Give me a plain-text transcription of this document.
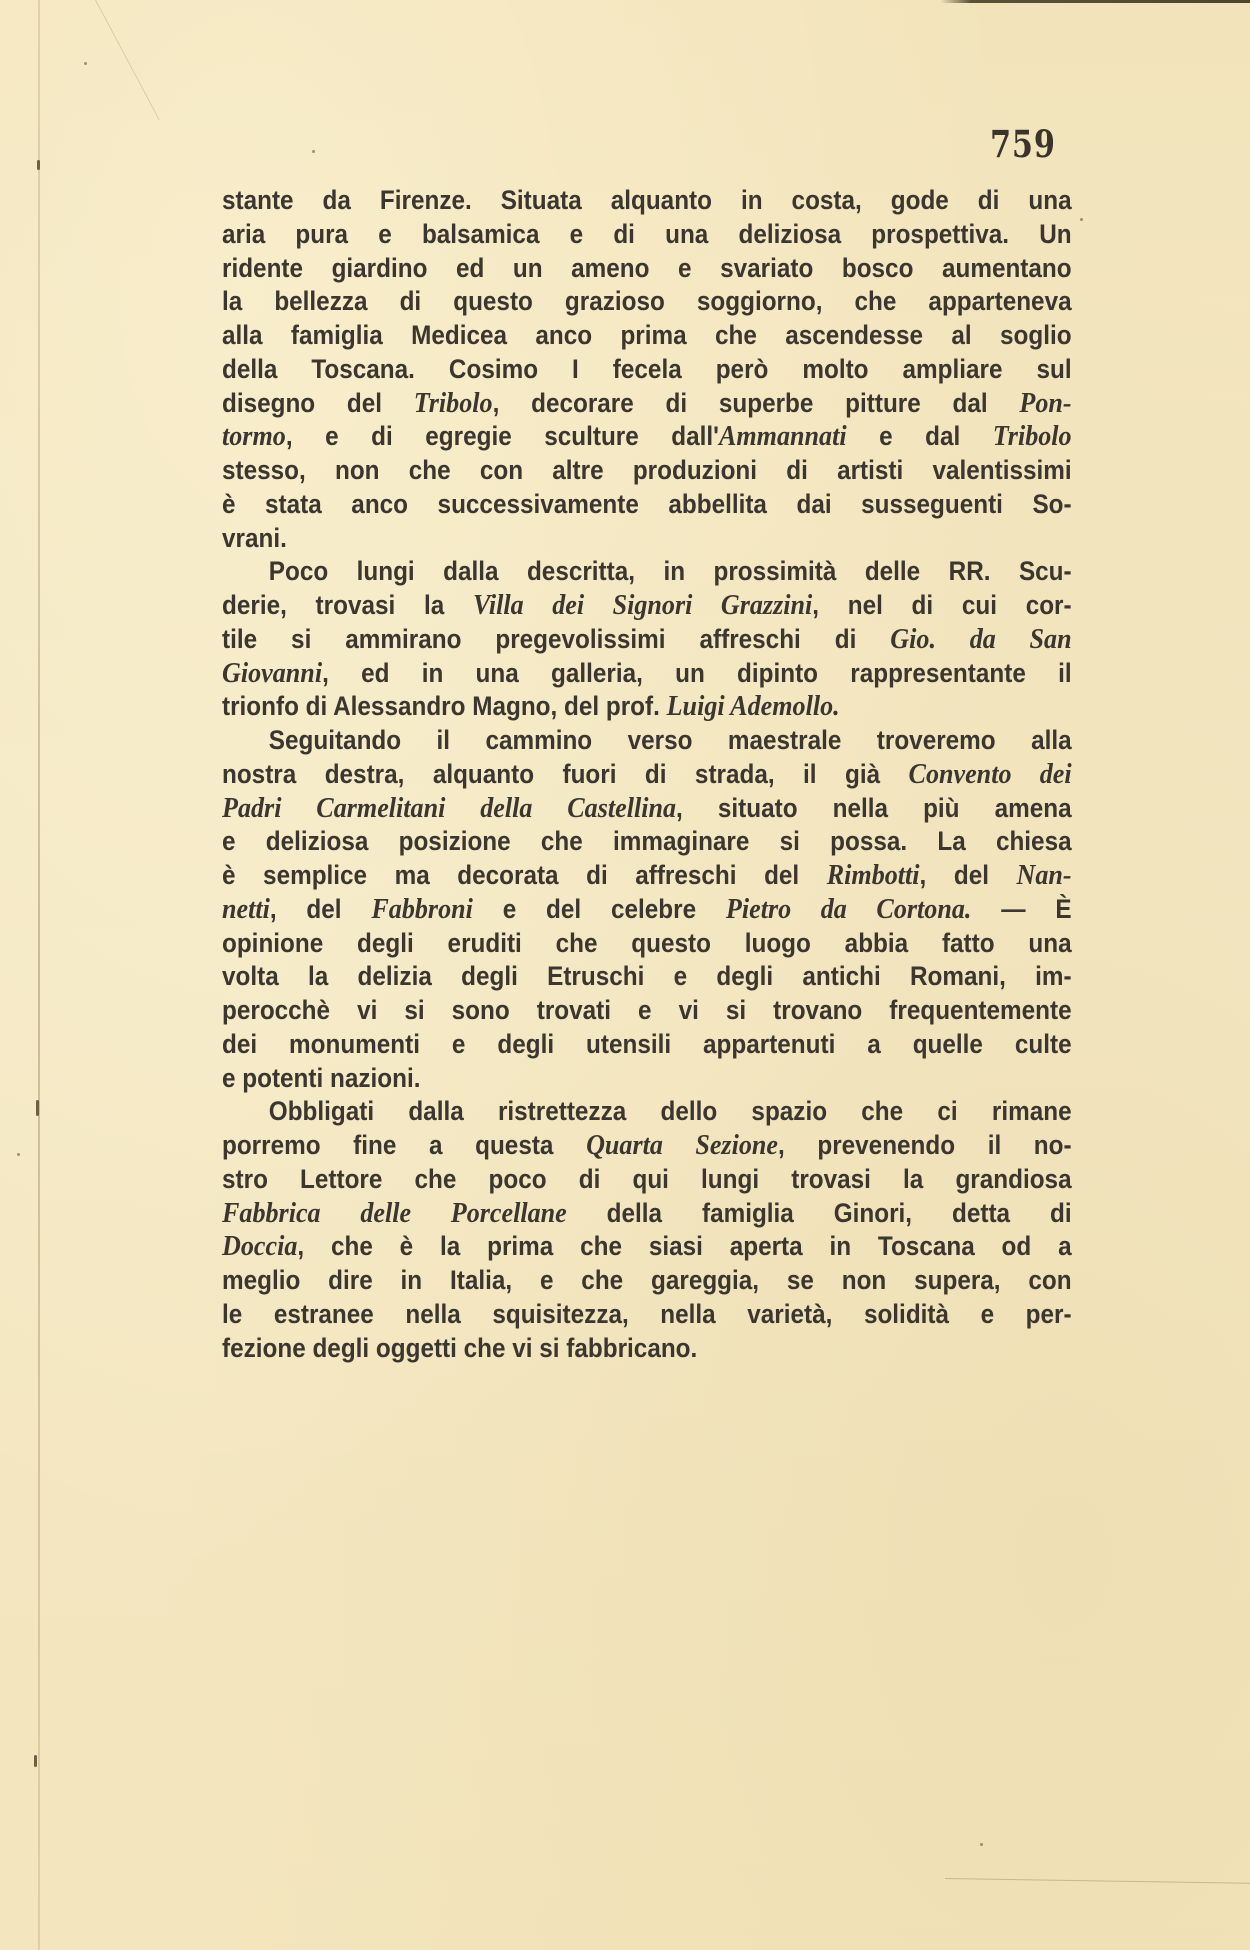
759
stante da Firenze. Situata alquanto in costa, gode di una
aria pura e balsamica e di una deliziosa prospettiva. Un
ridente giardino ed un ameno e svariato bosco aumentano
la bellezza di questo grazioso soggiorno, che apparteneva
alla famiglia Medicea anco prima che ascendesse al soglio
della Toscana. Cosimo I fecela però molto ampliare sul
disegno del Tribolo, decorare di superbe pitture dal Pon-
tormo, e di egregie sculture dall'Ammannati e dal Tribolo
stesso, non che con altre produzioni di artisti valentissimi
è stata anco successivamente abbellita dai susseguenti So-
vrani.
Poco lungi dalla descritta, in prossimità delle RR. Scu-
derie, trovasi la Villa dei Signori Grazzini, nel di cui cor-
tile si ammirano pregevolissimi affreschi di Gio. da San
Giovanni, ed in una galleria, un dipinto rappresentante il
trionfo di Alessandro Magno, del prof. Luigi Ademollo.
Seguitando il cammino verso maestrale troveremo alla
nostra destra, alquanto fuori di strada, il già Convento dei
Padri Carmelitani della Castellina, situato nella più amena
e deliziosa posizione che immaginare si possa. La chiesa
è semplice ma decorata di affreschi del Rimbotti, del Nan-
netti, del Fabbroni e del celebre Pietro da Cortona. — È
opinione degli eruditi che questo luogo abbia fatto una
volta la delizia degli Etruschi e degli antichi Romani, im-
perocchè vi si sono trovati e vi si trovano frequentemente
dei monumenti e degli utensili appartenuti a quelle culte
e potenti nazioni.
Obbligati dalla ristrettezza dello spazio che ci rimane
porremo fine a questa Quarta Sezione, prevenendo il no-
stro Lettore che poco di qui lungi trovasi la grandiosa
Fabbrica delle Porcellane della famiglia Ginori, detta di
Doccia, che è la prima che siasi aperta in Toscana od a
meglio dire in Italia, e che gareggia, se non supera, con
le estranee nella squisitezza, nella varietà, solidità e per-
fezione degli oggetti che vi si fabbricano.
